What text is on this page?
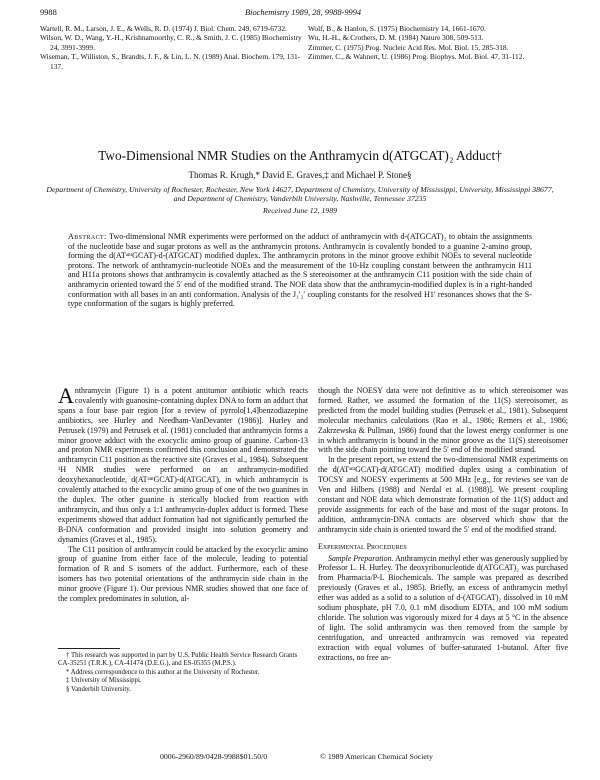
9988	Biochemistry 1989, 28, 9988-9994
Wartell, R. M., Larson, J. E., & Wells, R. D. (1974) J. Biol. Chem. 249, 6719-6732.
Wilson, W. D., Wang, Y.-H., Krishnamoorthy, C. R., & Smith, J. C. (1985) Biochemistry 24, 3991-3999.
Wiseman, T., Williston, S., Brandts, J. F., & Lin, L. N. (1989) Anal. Biochem. 179, 131-137.
Wolf, B., & Hanlon, S. (1975) Biochemistry 14, 1661-1670.
Wu, H.-H., & Crothers, D. M. (1984) Nature 308, 509-513.
Zimmer, C. (1975) Prog. Nucleic Acid Res. Mol. Biol. 15, 285-318.
Zimmer, C., & Wahnert, U. (1986) Prog. Biophys. Mol. Biol. 47, 31-112.
Two-Dimensional NMR Studies on the Anthramycin d(ATGCAT)₂ Adduct†
Thomas R. Krugh,* David E. Graves,‡ and Michael P. Stone§
Department of Chemistry, University of Rochester, Rochester, New York 14627, Department of Chemistry, University of Mississippi, University, Mississippi 38677, and Department of Chemistry, Vanderbilt University, Nashville, Tennessee 37235
Received June 12, 1989
Abstract: Two-dimensional NMR experiments were performed on the adduct of anthramycin with d-(ATGCAT)₂ to obtain the assignments of the nucleotide base and sugar protons as well as the anthramycin protons. Anthramycin is covalently bonded to a guanine 2-amino group, forming the d(ATᵃⁿᵗGCAT)-d-(ATGCAT) modified duplex. The anthramycin protons in the minor groove exhibit NOEs to several nucleotide protons. The network of anthramycin-nucleotide NOEs and the measurement of the 10-Hz coupling constant between the anthramycin H11 and H11a protons shows that anthramycin is covalently attached as the S stereoisomer at the anthramycin C11 position with the side chain of anthramycin oriented toward the 5′ end of the modified strand. The NOE data show that the anthramycin-modified duplex is in a right-handed conformation with all bases in an anti conformation. Analysis of the J₁′₂′ coupling constants for the resolved H1′ resonances shows that the S-type conformation of the sugars is highly preferred.

Anthramycin (Figure 1) is a potent antitumor antibiotic which reacts covalently with guanosine-containing duplex DNA to form an adduct that spans a four base pair region [for a review of pyrrolo[1,4]benzodiazepine antibiotics, see Hurley and Needham-VanDevanter (1986)]. Hurley and Petrusek (1979) and Petrusek et al. (1981) concluded that anthramycin forms a minor groove adduct with the exocyclic amino group of guanine. Carbon-13 and proton NMR experiments confirmed this conclusion and demonstrated the anthramycin C11 position as the reactive site (Graves et al., 1984). Subsequent ¹H NMR studies were performed on an anthramycin-modified deoxyhexanucleotide, d(ATᵃⁿᵗGCAT)-d(ATGCAT), in which anthramycin is covalently attached to the exocyclic amino group of one of the two guanines in the duplex. The other guanine is sterically blocked from reaction with anthramycin, and thus only a 1:1 anthramycin-duplex adduct is formed. These experiments showed that adduct formation had not significantly perturbed the B-DNA conformation and provided insight into solution geometry and dynamics (Graves et al., 1985).

The C11 position of anthramycin could be attacked by the exocyclic amino group of guanine from either face of the molecule, leading to potential formation of R and S isomers of the adduct. Furthermore, each of these isomers has two potential orientations of the anthramycin side chain in the minor groove (Figure 1). Our previous NMR studies showed that one face of the complex predominates in solution, al-

though the NOESY data were not definitive as to which stereoisomer was formed. Rather, we assumed the formation of the 11(S) stereoisomer, as predicted from the model building studies (Petrusek et al., 1981). Subsequent molecular mechanics calculations (Rao et al., 1986; Remers et al., 1986; Zakrzewska & Pullman, 1986) found that the lowest energy conformer is one in which anthramycin is bound in the minor groove as the 11(S) stereoisomer with the side chain pointing toward the 5′ end of the modified strand.

In the present report, we extend the two-dimensional NMR experiments on the d(ATᵃⁿᵗGCAT)-d(ATGCAT) modified duplex using a combination of TOCSY and NOESY experiments at 500 MHz [e.g., for reviews see van de Ven and Hilbers (1988) and Nerdal et al. (1988)]. We present coupling constant and NOE data which demonstrate formation of the 11(S) adduct and provide assignments for each of the base and most of the sugar protons. In addition, anthramycin-DNA contacts are observed which show that the anthramycin side chain is oriented toward the 5′ end of the modified strand.

Experimental Procedures

Sample Preparation. Anthramycin methyl ether was generously supplied by Professor L. H. Hurley. The deoxyribonucleotide d(ATGCAT)₂ was purchased from Pharmacia/P-L Biochemicals. The sample was prepared as described previously (Graves et al., 1985). Briefly, an excess of anthramycin methyl ether was added as a solid to a solution of d-(ATGCAT)₂ dissolved in 10 mM sodium phosphate, pH 7.0, 0.1 mM disodium EDTA, and 100 mM sodium chloride. The solution was vigorously mixed for 4 days at 5 °C in the absence of light. The solid anthramycin was then removed from the sample by centrifugation, and unreacted anthramycin was removed via repeated extraction with equal volumes of buffer-saturated 1-butanol. After five extractions, no free an-

† This research was supported in part by U.S. Public Health Service Research Grants CA-35251 (T.R.K.), CA-41474 (D.E.G.), and ES-05355 (M.P.S.).

* Address correspondence to this author at the University of Rochester.

‡ University of Mississippi.

§ Vanderbilt University.

0006-2960/89/0428-9988$01.50/0	© 1989 American Chemical Society
